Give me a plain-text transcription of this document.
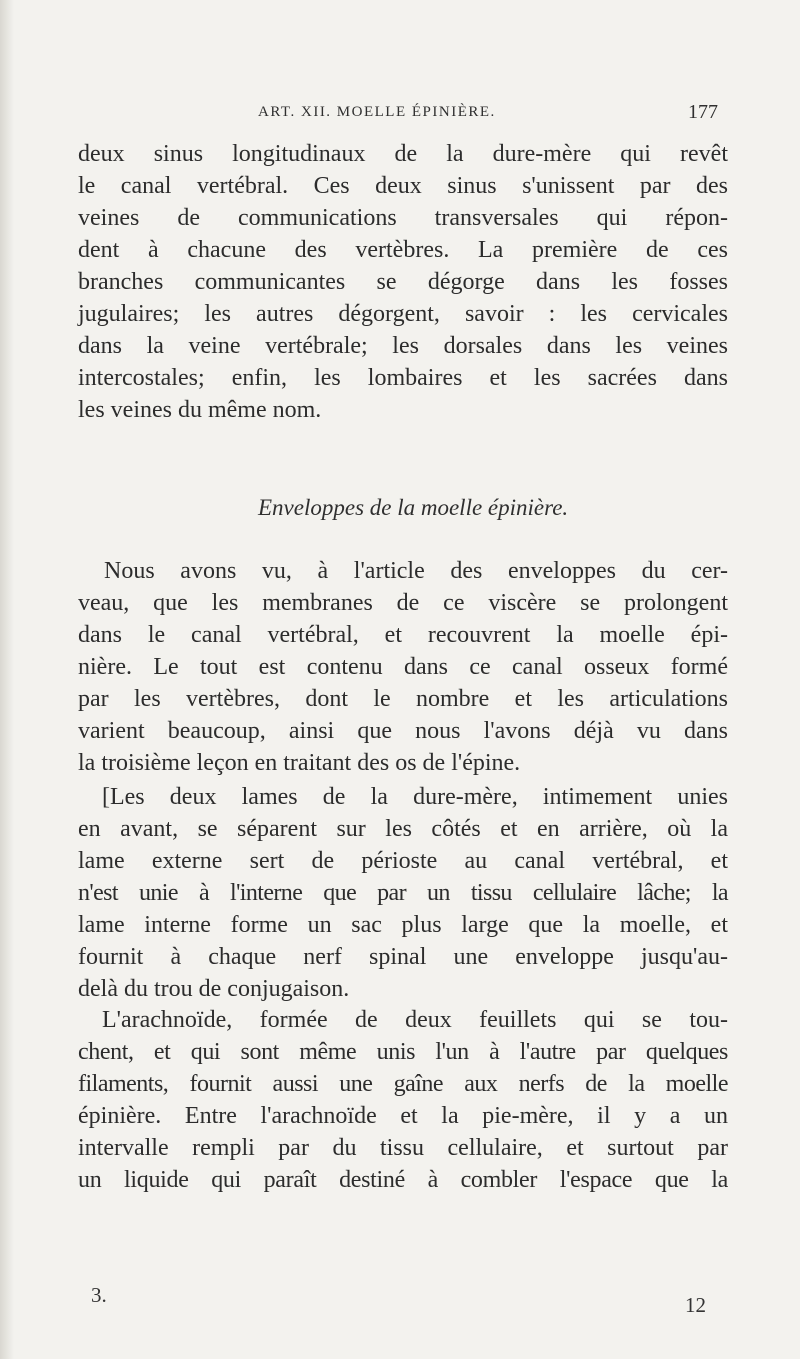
ART. XII. MOELLE ÉPINIÈRE.	177

deux sinus longitudinaux de la dure-mère qui revêt
le canal vertébral. Ces deux sinus s'unissent par des
veines de communications transversales qui répon-
dent à chacune des vertèbres. La première de ces
branches communicantes se dégorge dans les fosses
jugulaires; les autres dégorgent, savoir : les cervicales
dans la veine vertébrale; les dorsales dans les veines
intercostales; enfin, les lombaires et les sacrées dans
les veines du même nom.

Enveloppes de la moelle épinière.

Nous avons vu, à l'article des enveloppes du cer-
veau, que les membranes de ce viscère se prolongent
dans le canal vertébral, et recouvrent la moelle épi-
nière. Le tout est contenu dans ce canal osseux formé
par les vertèbres, dont le nombre et les articulations
varient beaucoup, ainsi que nous l'avons déjà vu dans
la troisième leçon en traitant des os de l'épine.

[Les deux lames de la dure-mère, intimement unies
en avant, se séparent sur les côtés et en arrière, où la
lame externe sert de périoste au canal vertébral, et
n'est unie à l'interne que par un tissu cellulaire lâche; la
lame interne forme un sac plus large que la moelle, et
fournit à chaque nerf spinal une enveloppe jusqu'au-
delà du trou de conjugaison.

L'arachnoïde, formée de deux feuillets qui se tou-
chent, et qui sont même unis l'un à l'autre par quelques
filaments, fournit aussi une gaîne aux nerfs de la moelle
épinière. Entre l'arachnoïde et la pie-mère, il y a un
intervalle rempli par du tissu cellulaire, et surtout par
un liquide qui paraît destiné à combler l'espace que la

3.	12
